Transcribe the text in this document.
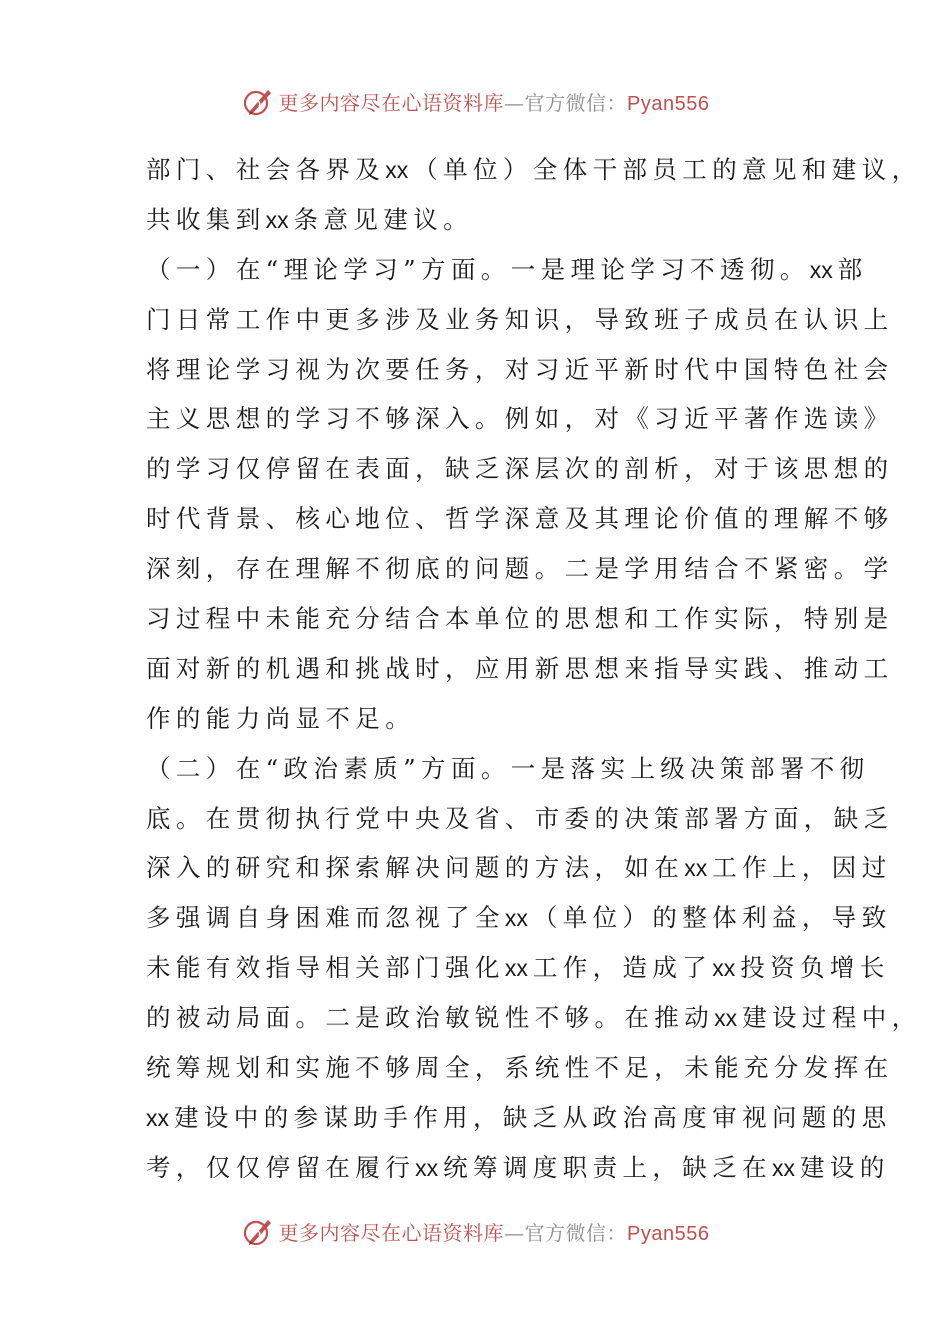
更多内容尽在心语资料库—官方微信：Pyan556
部门、社会各界及xx （单位）全体干部员工的意见和建议，
共收集到xx 条意见建议。
（一）在“理论学习”方面。一是理论学习不透彻。xx 部
门日常工作中更多涉及业务知识，导致班子成员在认识上
将理论学习视为次要任务，对习近平新时代中国特色社会
主义思想的学习不够深入。例如，对《习近平著作选读》
的学习仅停留在表面，缺乏深层次的剖析，对于该思想的
时代背景、核心地位、哲学深意及其理论价值的理解不够
深刻，存在理解不彻底的问题。二是学用结合不紧密。学
习过程中未能充分结合本单位的思想和工作实际，特别是
面对新的机遇和挑战时，应用新思想来指导实践、推动工
作的能力尚显不足。
（二）在“政治素质”方面。一是落实上级决策部署不彻
底。在贯彻执行党中央及省、市委的决策部署方面，缺乏
深入的研究和探索解决问题的方法，如在xx 工作上，因过
多强调自身困难而忽视了全xx （单位）的整体利益，导致
未能有效指导相关部门强化xx 工作，造成了xx 投资负增长
的被动局面。二是政治敏锐性不够。在推动xx 建设过程中，
统筹规划和实施不够周全，系统性不足，未能充分发挥在
xx 建设中的参谋助手作用，缺乏从政治高度审视问题的思
考，仅仅停留在履行xx 统筹调度职责上，缺乏在xx 建设的
更多内容尽在心语资料库—官方微信：Pyan556
